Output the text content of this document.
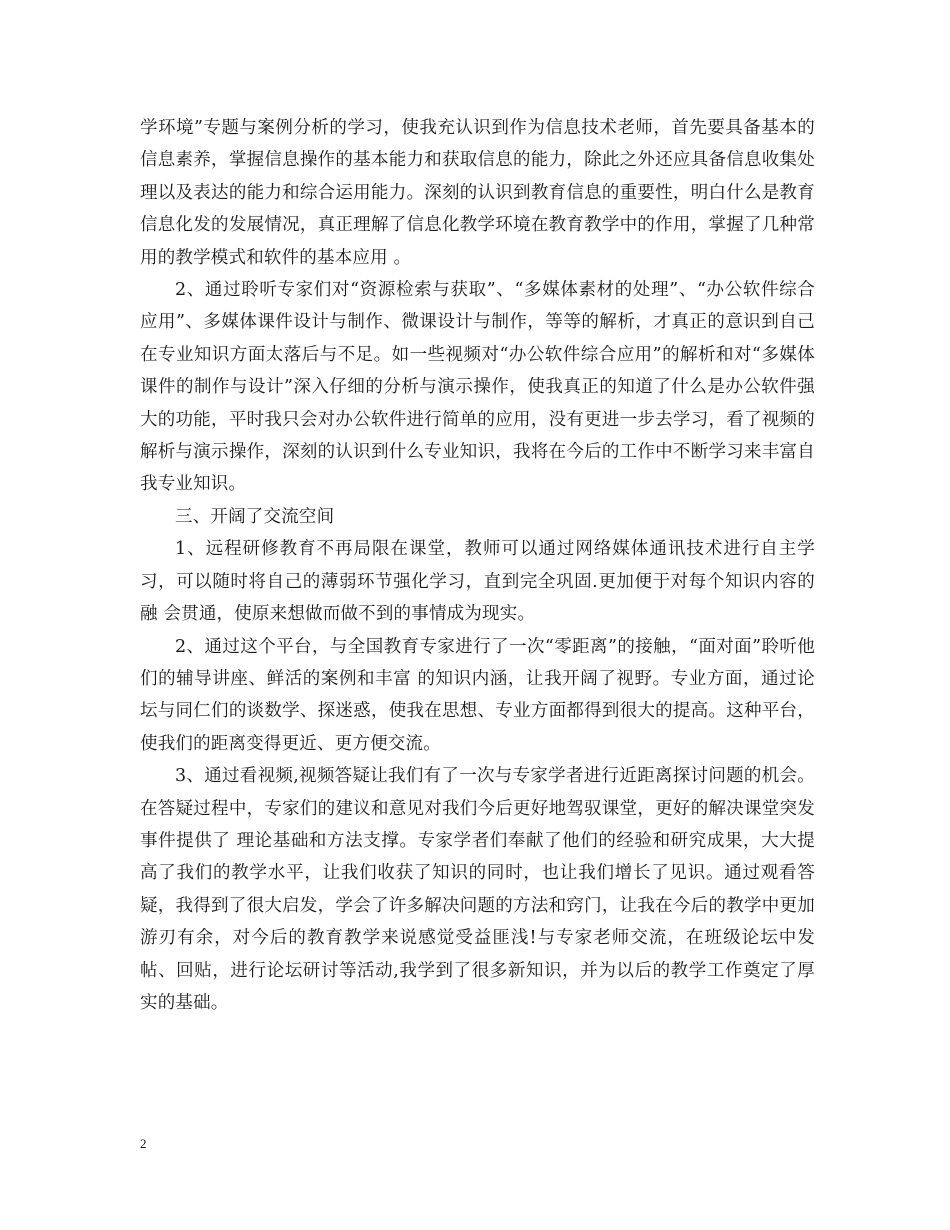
学环境”专题与案例分析的学习，使我充认识到作为信息技术老师，首先要具备基本的信息素养，掌握信息操作的基本能力和获取信息的能力，除此之外还应具备信息收集处理以及表达的能力和综合运用能力。深刻的认识到教育信息的重要性，明白什么是教育信息化发的发展情况，真正理解了信息化教学环境在教育教学中的作用，掌握了几种常用的教学模式和软件的基本应用 。

2、通过聆听专家们对“资源检索与获取”、“多媒体素材的处理”、“办公软件综合应用”、多媒体课件设计与制作、微课设计与制作，等等的解析，才真正的意识到自己在专业知识方面太落后与不足。如一些视频对“办公软件综合应用”的解析和对“多媒体课件的制作与设计”深入仔细的分析与演示操作，使我真正的知道了什么是办公软件强大的功能，平时我只会对办公软件进行简单的应用，没有更进一步去学习，看了视频的解析与演示操作，深刻的认识到什么专业知识，我将在今后的工作中不断学习来丰富自我专业知识。

三、开阔了交流空间

1、远程研修教育不再局限在课堂，教师可以通过网络媒体通讯技术进行自主学习，可以随时将自己的薄弱环节强化学习，直到完全巩固.更加便于对每个知识内容的融 会贯通，使原来想做而做不到的事情成为现实。

2、通过这个平台，与全国教育专家进行了一次“零距离”的接触，“面对面”聆听他们的辅导讲座、鲜活的案例和丰富 的知识内涵，让我开阔了视野。专业方面，通过论坛与同仁们的谈数学、探迷惑，使我在思想、专业方面都得到很大的提高。这种平台，使我们的距离变得更近、更方便交流。

3、通过看视频,视频答疑让我们有了一次与专家学者进行近距离探讨问题的机会。在答疑过程中，专家们的建议和意见对我们今后更好地驾驭课堂，更好的解决课堂突发事件提供了 理论基础和方法支撑。专家学者们奉献了他们的经验和研究成果，大大提高了我们的教学水平，让我们收获了知识的同时，也让我们增长了见识。通过观看答疑，我得到了很大启发，学会了许多解决问题的方法和窍门，让我在今后的教学中更加游刃有余，对今后的教育教学来说感觉受益匪浅!与专家老师交流，在班级论坛中发帖、回贴，进行论坛研讨等活动,我学到了很多新知识，并为以后的教学工作奠定了厚实的基础。

2
